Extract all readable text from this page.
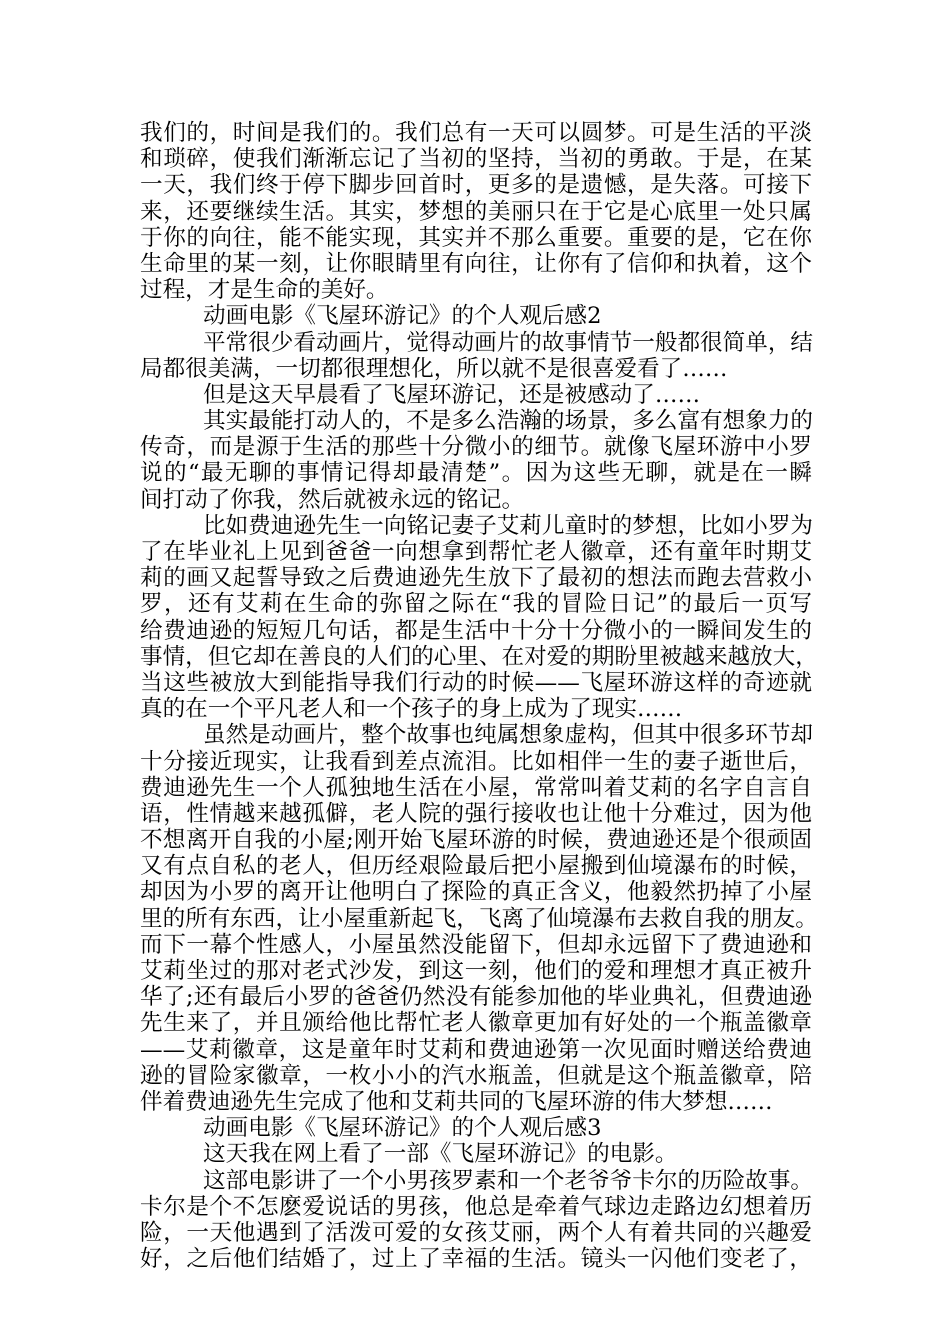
我们的，时间是我们的。我们总有一天可以圆梦。可是生活的平淡
和琐碎，使我们渐渐忘记了当初的坚持，当初的勇敢。于是，在某
一天，我们终于停下脚步回首时，更多的是遗憾，是失落。可接下
来，还要继续生活。其实，梦想的美丽只在于它是心底里一处只属
于你的向往，能不能实现，其实并不那么重要。重要的是，它在你
生命里的某一刻，让你眼睛里有向往，让你有了信仰和执着，这个
过程，才是生命的美好。
动画电影《飞屋环游记》的个人观后感2
平常很少看动画片，觉得动画片的故事情节一般都很简单，结
局都很美满，一切都很理想化，所以就不是很喜爱看了……
但是这天早晨看了飞屋环游记，还是被感动了……
其实最能打动人的，不是多么浩瀚的场景，多么富有想象力的
传奇，而是源于生活的那些十分微小的细节。就像飞屋环游中小罗
说的“最无聊的事情记得却最清楚”。因为这些无聊，就是在一瞬
间打动了你我，然后就被永远的铭记。
比如费迪逊先生一向铭记妻子艾莉儿童时的梦想，比如小罗为
了在毕业礼上见到爸爸一向想拿到帮忙老人徽章，还有童年时期艾
莉的画又起誓导致之后费迪逊先生放下了最初的想法而跑去营救小
罗，还有艾莉在生命的弥留之际在“我的冒险日记”的最后一页写
给费迪逊的短短几句话，都是生活中十分十分微小的一瞬间发生的
事情，但它却在善良的人们的心里、在对爱的期盼里被越来越放大，
当这些被放大到能指导我们行动的时候——飞屋环游这样的奇迹就
真的在一个平凡老人和一个孩子的身上成为了现实……
虽然是动画片，整个故事也纯属想象虚构，但其中很多环节却
十分接近现实，让我看到差点流泪。比如相伴一生的妻子逝世后，
费迪逊先生一个人孤独地生活在小屋，常常叫着艾莉的名字自言自
语，性情越来越孤僻，老人院的强行接收也让他十分难过，因为他
不想离开自我的小屋;刚开始飞屋环游的时候，费迪逊还是个很顽固
又有点自私的老人，但历经艰险最后把小屋搬到仙境瀑布的时候，
却因为小罗的离开让他明白了探险的真正含义，他毅然扔掉了小屋
里的所有东西，让小屋重新起飞，飞离了仙境瀑布去救自我的朋友。
而下一幕个性感人，小屋虽然没能留下，但却永远留下了费迪逊和
艾莉坐过的那对老式沙发，到这一刻，他们的爱和理想才真正被升
华了;还有最后小罗的爸爸仍然没有能参加他的毕业典礼，但费迪逊
先生来了，并且颁给他比帮忙老人徽章更加有好处的一个瓶盖徽章
——艾莉徽章，这是童年时艾莉和费迪逊第一次见面时赠送给费迪
逊的冒险家徽章，一枚小小的汽水瓶盖，但就是这个瓶盖徽章，陪
伴着费迪逊先生完成了他和艾莉共同的飞屋环游的伟大梦想……
动画电影《飞屋环游记》的个人观后感3
这天我在网上看了一部《飞屋环游记》的电影。
这部电影讲了一个小男孩罗素和一个老爷爷卡尔的历险故事。
卡尔是个不怎麽爱说话的男孩，他总是牵着气球边走路边幻想着历
险，一天他遇到了活泼可爱的女孩艾丽，两个人有着共同的兴趣爱
好，之后他们结婚了，过上了幸福的生活。镜头一闪他们变老了，
